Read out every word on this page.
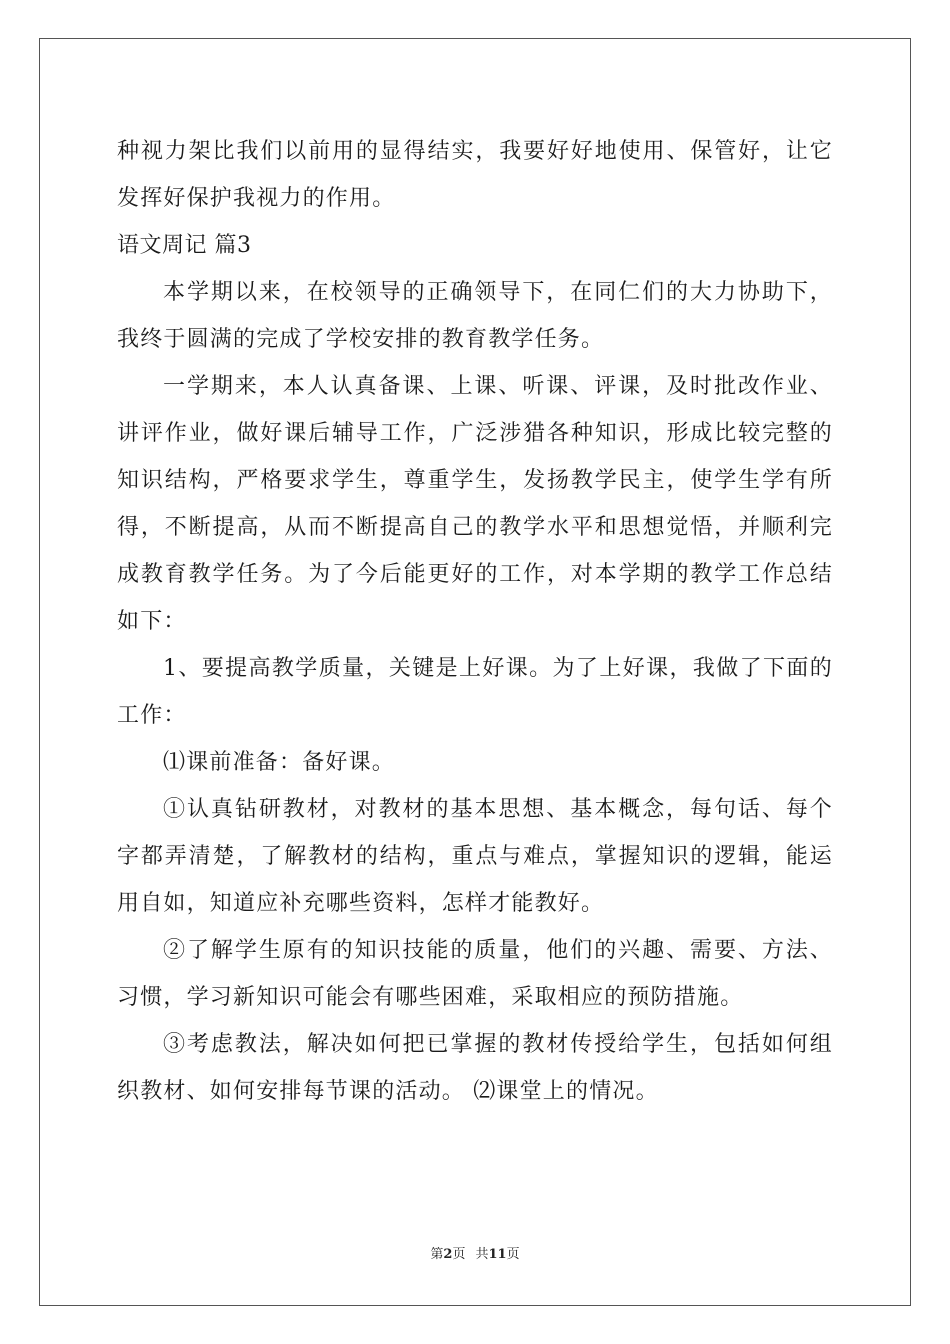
种视力架比我们以前用的显得结实，我要好好地使用、保管好，让它发挥好保护我视力的作用。

语文周记 篇3

本学期以来，在校领导的正确领导下，在同仁们的大力协助下，我终于圆满的完成了学校安排的教育教学任务。

一学期来，本人认真备课、上课、听课、评课，及时批改作业、讲评作业，做好课后辅导工作，广泛涉猎各种知识，形成比较完整的知识结构，严格要求学生，尊重学生，发扬教学民主，使学生学有所得，不断提高，从而不断提高自己的教学水平和思想觉悟，并顺利完成教育教学任务。为了今后能更好的工作，对本学期的教学工作总结如下：

1、要提高教学质量，关键是上好课。为了上好课，我做了下面的工作：

⑴课前准备：备好课。

①认真钻研教材，对教材的基本思想、基本概念，每句话、每个字都弄清楚，了解教材的结构，重点与难点，掌握知识的逻辑，能运用自如，知道应补充哪些资料，怎样才能教好。

②了解学生原有的知识技能的质量，他们的兴趣、需要、方法、习惯，学习新知识可能会有哪些困难，采取相应的预防措施。

③考虑教法，解决如何把已掌握的教材传授给学生，包括如何组织教材、如何安排每节课的活动。 ⑵课堂上的情况。

第2页 共11页
